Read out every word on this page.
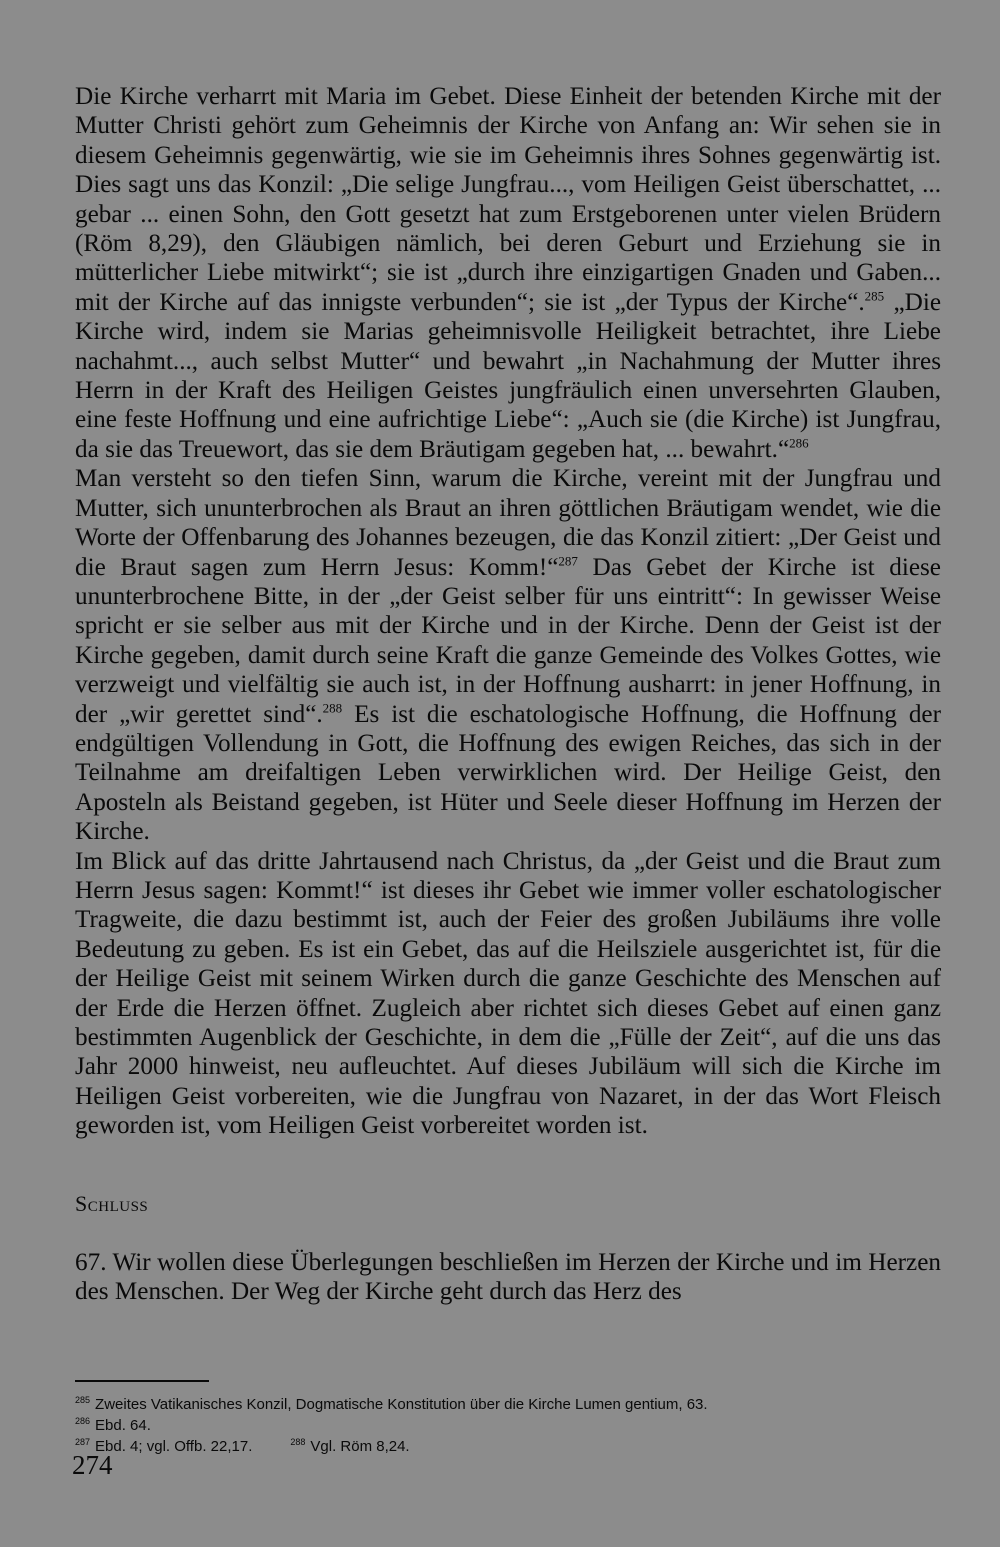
Die Kirche verharrt mit Maria im Gebet. Diese Einheit der betenden Kirche mit der Mutter Christi gehört zum Geheimnis der Kirche von Anfang an: Wir sehen sie in diesem Geheimnis gegenwärtig, wie sie im Geheimnis ihres Sohnes gegenwärtig ist. Dies sagt uns das Konzil: „Die selige Jungfrau..., vom Heiligen Geist überschattet, ... gebar ... einen Sohn, den Gott gesetzt hat zum Erstgeborenen unter vielen Brüdern (Röm 8,29), den Gläubigen nämlich, bei deren Geburt und Erziehung sie in mütterlicher Liebe mitwirkt“; sie ist „durch ihre einzigartigen Gnaden und Gaben... mit der Kirche auf das innigste verbunden“; sie ist „der Typus der Kirche“.$^{285}$ „Die Kirche wird, indem sie Marias geheimnisvolle Heiligkeit betrachtet, ihre Liebe nachahmt..., auch selbst Mutter“ und bewahrt „in Nachahmung der Mutter ihres Herrn in der Kraft des Heiligen Geistes jungfräulich einen unversehrten Glauben, eine feste Hoffnung und eine aufrichtige Liebe“: „Auch sie (die Kirche) ist Jungfrau, da sie das Treuewort, das sie dem Bräutigam gegeben hat, ... bewahrt.“$^{286}$

Man versteht so den tiefen Sinn, warum die Kirche, vereint mit der Jungfrau und Mutter, sich ununterbrochen als Braut an ihren göttlichen Bräutigam wendet, wie die Worte der Offenbarung des Johannes bezeugen, die das Konzil zitiert: „Der Geist und die Braut sagen zum Herrn Jesus: Komm!“$^{287}$ Das Gebet der Kirche ist diese ununterbrochene Bitte, in der „der Geist selber für uns eintritt“: In gewisser Weise spricht er sie selber aus mit der Kirche und in der Kirche. Denn der Geist ist der Kirche gegeben, damit durch seine Kraft die ganze Gemeinde des Volkes Gottes, wie verzweigt und vielfältig sie auch ist, in der Hoffnung ausharrt: in jener Hoffnung, in der „wir gerettet sind“.$^{288}$ Es ist die eschatologische Hoffnung, die Hoffnung der endgültigen Vollendung in Gott, die Hoffnung des ewigen Reiches, das sich in der Teilnahme am dreifaltigen Leben verwirklichen wird. Der Heilige Geist, den Aposteln als Beistand gegeben, ist Hüter und Seele dieser Hoffnung im Herzen der Kirche.

Im Blick auf das dritte Jahrtausend nach Christus, da „der Geist und die Braut zum Herrn Jesus sagen: Kommt!“ ist dieses ihr Gebet wie immer voller eschatologischer Tragweite, die dazu bestimmt ist, auch der Feier des großen Jubiläums ihre volle Bedeutung zu geben. Es ist ein Gebet, das auf die Heilsziele ausgerichtet ist, für die der Heilige Geist mit seinem Wirken durch die ganze Geschichte des Menschen auf der Erde die Herzen öffnet. Zugleich aber richtet sich dieses Gebet auf einen ganz bestimmten Augenblick der Geschichte, in dem die „Fülle der Zeit“, auf die uns das Jahr 2000 hinweist, neu aufleuchtet. Auf dieses Jubiläum will sich die Kirche im Heiligen Geist vorbereiten, wie die Jungfrau von Nazaret, in der das Wort Fleisch geworden ist, vom Heiligen Geist vorbereitet worden ist.

Schluss

67. Wir wollen diese Überlegungen beschließen im Herzen der Kirche und im Herzen des Menschen. Der Weg der Kirche geht durch das Herz des

$^{285}$ Zweites Vatikanisches Konzil, Dogmatische Konstitution über die Kirche Lumen gentium, 63.
$^{286}$ Ebd. 64.
$^{287}$ Ebd. 4; vgl. Offb. 22,17.	$^{288}$ Vgl. Röm 8,24.
274
